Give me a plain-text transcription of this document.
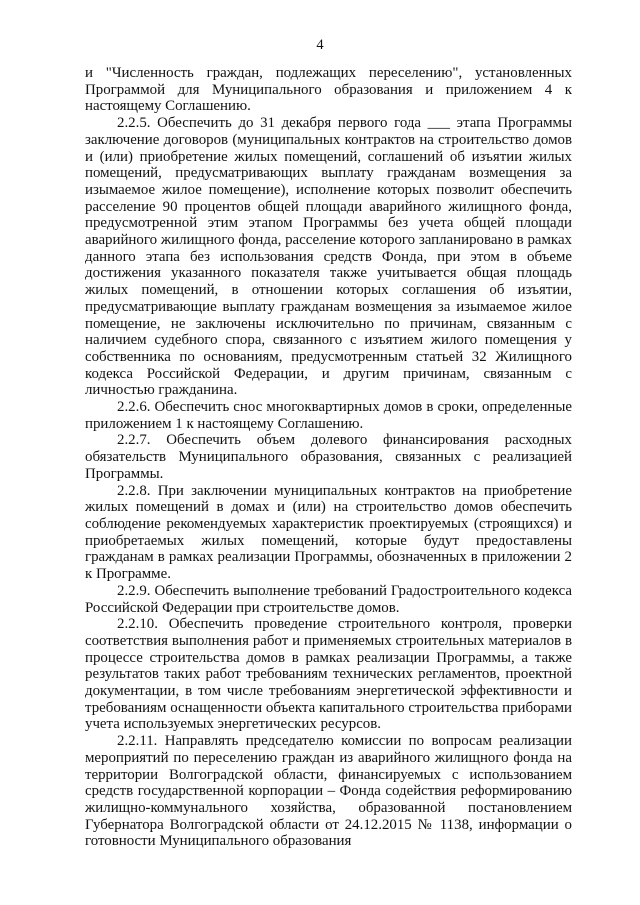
4

и "Численность граждан, подлежащих переселению", установленных Программой для Муниципального образования и приложением 4 к настоящему Соглашению.

2.2.5. Обеспечить до 31 декабря первого года ___ этапа Программы заключение договоров (муниципальных контрактов на строительство домов и (или) приобретение жилых помещений, соглашений об изъятии жилых помещений, предусматривающих выплату гражданам возмещения за изымаемое жилое помещение), исполнение которых позволит обеспечить расселение 90 процентов общей площади аварийного жилищного фонда, предусмотренной этим этапом Программы без учета общей площади аварийного жилищного фонда, расселение которого запланировано в рамках данного этапа без использования средств Фонда, при этом в объеме достижения указанного показателя также учитывается общая площадь жилых помещений, в отношении которых соглашения об изъятии, предусматривающие выплату гражданам возмещения за изымаемое жилое помещение, не заключены исключительно по причинам, связанным с наличием судебного спора, связанного с изъятием жилого помещения у собственника по основаниям, предусмотренным статьей 32 Жилищного кодекса Российской Федерации, и другим причинам, связанным с личностью гражданина.

2.2.6. Обеспечить снос многоквартирных домов в сроки, определенные приложением 1 к настоящему Соглашению.

2.2.7. Обеспечить объем долевого финансирования расходных обязательств Муниципального образования, связанных с реализацией Программы.

2.2.8. При заключении муниципальных контрактов на приобретение жилых помещений в домах и (или) на строительство домов обеспечить соблюдение рекомендуемых характеристик проектируемых (строящихся) и приобретаемых жилых помещений, которые будут предоставлены гражданам в рамках реализации Программы, обозначенных в приложении 2 к Программе.

2.2.9. Обеспечить выполнение требований Градостроительного кодекса Российской Федерации при строительстве домов.

2.2.10. Обеспечить проведение строительного контроля, проверки соответствия выполнения работ и применяемых строительных материалов в процессе строительства домов в рамках реализации Программы, а также результатов таких работ требованиям технических регламентов, проектной документации, в том числе требованиям энергетической эффективности и требованиям оснащенности объекта капитального строительства приборами учета используемых энергетических ресурсов.

2.2.11. Направлять председателю комиссии по вопросам реализации мероприятий по переселению граждан из аварийного жилищного фонда на территории Волгоградской области, финансируемых с использованием средств государственной корпорации – Фонда содействия реформированию жилищно-коммунального хозяйства, образованной постановлением Губернатора Волгоградской области от 24.12.2015 № 1138, информации о готовности Муниципального образования
